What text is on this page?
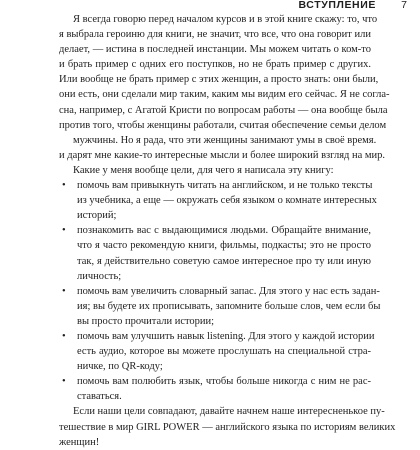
ВСТУПЛЕНИЕ 7
Я всегда говорю перед началом курсов и в этой книге скажу: то, что
я выбрала героиню для книги, не значит, что все, что она говорит или
делает, — истина в последней инстанции. Мы можем читать о ком-то
и брать пример с одних его поступков, но не брать пример с других.
Или вообще не брать пример с этих женщин, а просто знать: они были,
они есть, они сделали мир таким, каким мы видим его сейчас. Я не согла-
сна, например, с Агатой Кристи по вопросам работы — она вообще была
против того, чтобы женщины работали, считая обеспечение семьи делом
мужчины. Но я рада, что эти женщины занимают умы в своё время.
и дарят мне какие-то интересные мысли и более широкий взгляд на мир.
Какие у меня вообще цели, для чего я написала эту книгу:
• помочь вам привыкнуть читать на английском, и не только тексты
из учебника, а еще — окружать себя языком о комнате интересных
историй;
• познакомить вас с выдающимися людьми. Обращайте внимание,
что я часто рекомендую книги, фильмы, подкасты; это не просто
так, я действительно советую самое интересное про ту или иную
личность;
• помочь вам увеличить словарный запас. Для этого у нас есть задан-
ия; вы будете их прописывать, запомните больше слов, чем если бы
вы просто прочитали истории;
• помочь вам улучшить навык listening. Для этого у каждой истории
есть аудио, которое вы можете прослушать на специальной стра-
ничке, по QR-коду;
• помочь вам полюбить язык, чтобы больше никогда с ним не рас-
ставаться.
Если наши цели совпадают, давайте начнем наше интересненькое пу-
тешествие в мир GIRL POWER — английского языка по историям великих
женщин!
